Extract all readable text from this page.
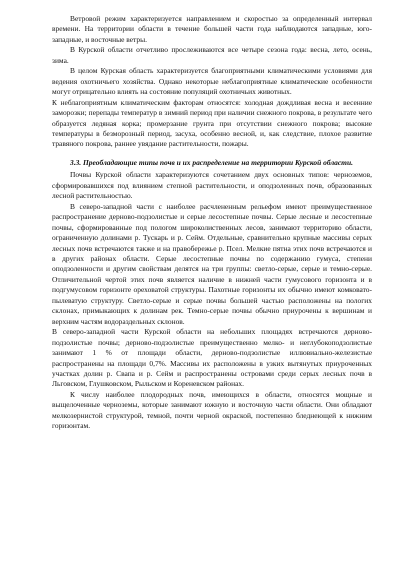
Ветровой режим характеризуется направлением и скоростью за определенный интервал времени. На территории области в течение большей части года наблюдаются западные, юго-западные, и восточные ветры.

В Курской области отчетливо прослеживаются все четыре сезона года: весна, лето, осень, зима.

В целом Курская область характеризуется благоприятными климатическими условиями для ведения охотничьего хозяйства. Однако некоторые неблагоприятные климатические особенности могут отрицательно влиять на состояние популяций охотничьих животных.

К неблагоприятным климатическим факторам относятся: холодная дождливая весна и весенние заморозки; перепады температур в зимний период при наличии снежного покрова, в результате чего образуется ледяная корка; промерзание грунта при отсутствии снежного покрова; высокие температуры в безморозный период, засуха, особенно весной, и, как следствие, плохое развитие травяного покрова, раннее увядание растительности, пожары.

3.3. Преобладающие типы почв и их распределение на территории Курской области.

Почвы Курской области характеризуются сочетанием двух основных типов: черноземов, сформировавшихся под влиянием степной растительности, и оподзоленных почв, образованных лесной растительностью.

В северо-западной части с наиболее расчлененным рельефом имеют преимущественное распространение дерново-подзолистые и серые лесостепные почвы. Серые лесные и лесостепные почвы, сформированные под пологом широколиственных лесов, занимают территорию области, ограниченную долинами р. Тускарь и р. Сейм. Отдельные, сравнительно крупные массивы серых лесных почв встречаются также и на правобережье р. Псел. Мелкие пятна этих почв встречаются и в других районах области. Серые лесостепные почвы по содержанию гумуса, степени оподзоленности и другим свойствам делятся на три группы: светло-серые, серые и темно-серые. Отличительной чертой этих почв является наличие в нижней части гумусового горизонта и в подгумусовом горизонте ореховатой структуры. Пахотные горизонты их обычно имеют комковато-пылеватую структуру. Светло-серые и серые почвы большей частью расположены на пологих склонах, примыкающих к долинам рек. Темно-серые почвы обычно приурочены к вершинам и верхним частям водораздельных склонов.

В северо-западной части Курской области на небольших площадях встречаются дерново-подзолистые почвы; дерново-подзолистые преимущественно мелко- и неглубокоподзолистые занимают 1 % от площади области, дерново-подзолистые иллювиально-железистые распространены на площади 0,7%. Массивы их расположены в узких вытянутых приуроченных участках долин р. Свапа и р. Сейм и распространены островами среди серых лесных почв в Льговском, Глушковском, Рыльском и Кореневском районах.

К числу наиболее плодородных почв, имеющихся в области, относятся мощные и выщелоченные черноземы, которые занимают южную и восточную части области. Они обладают мелкозернистой структурой, темной, почти черной окраской, постепенно бледнеющей к нижним горизонтам.
